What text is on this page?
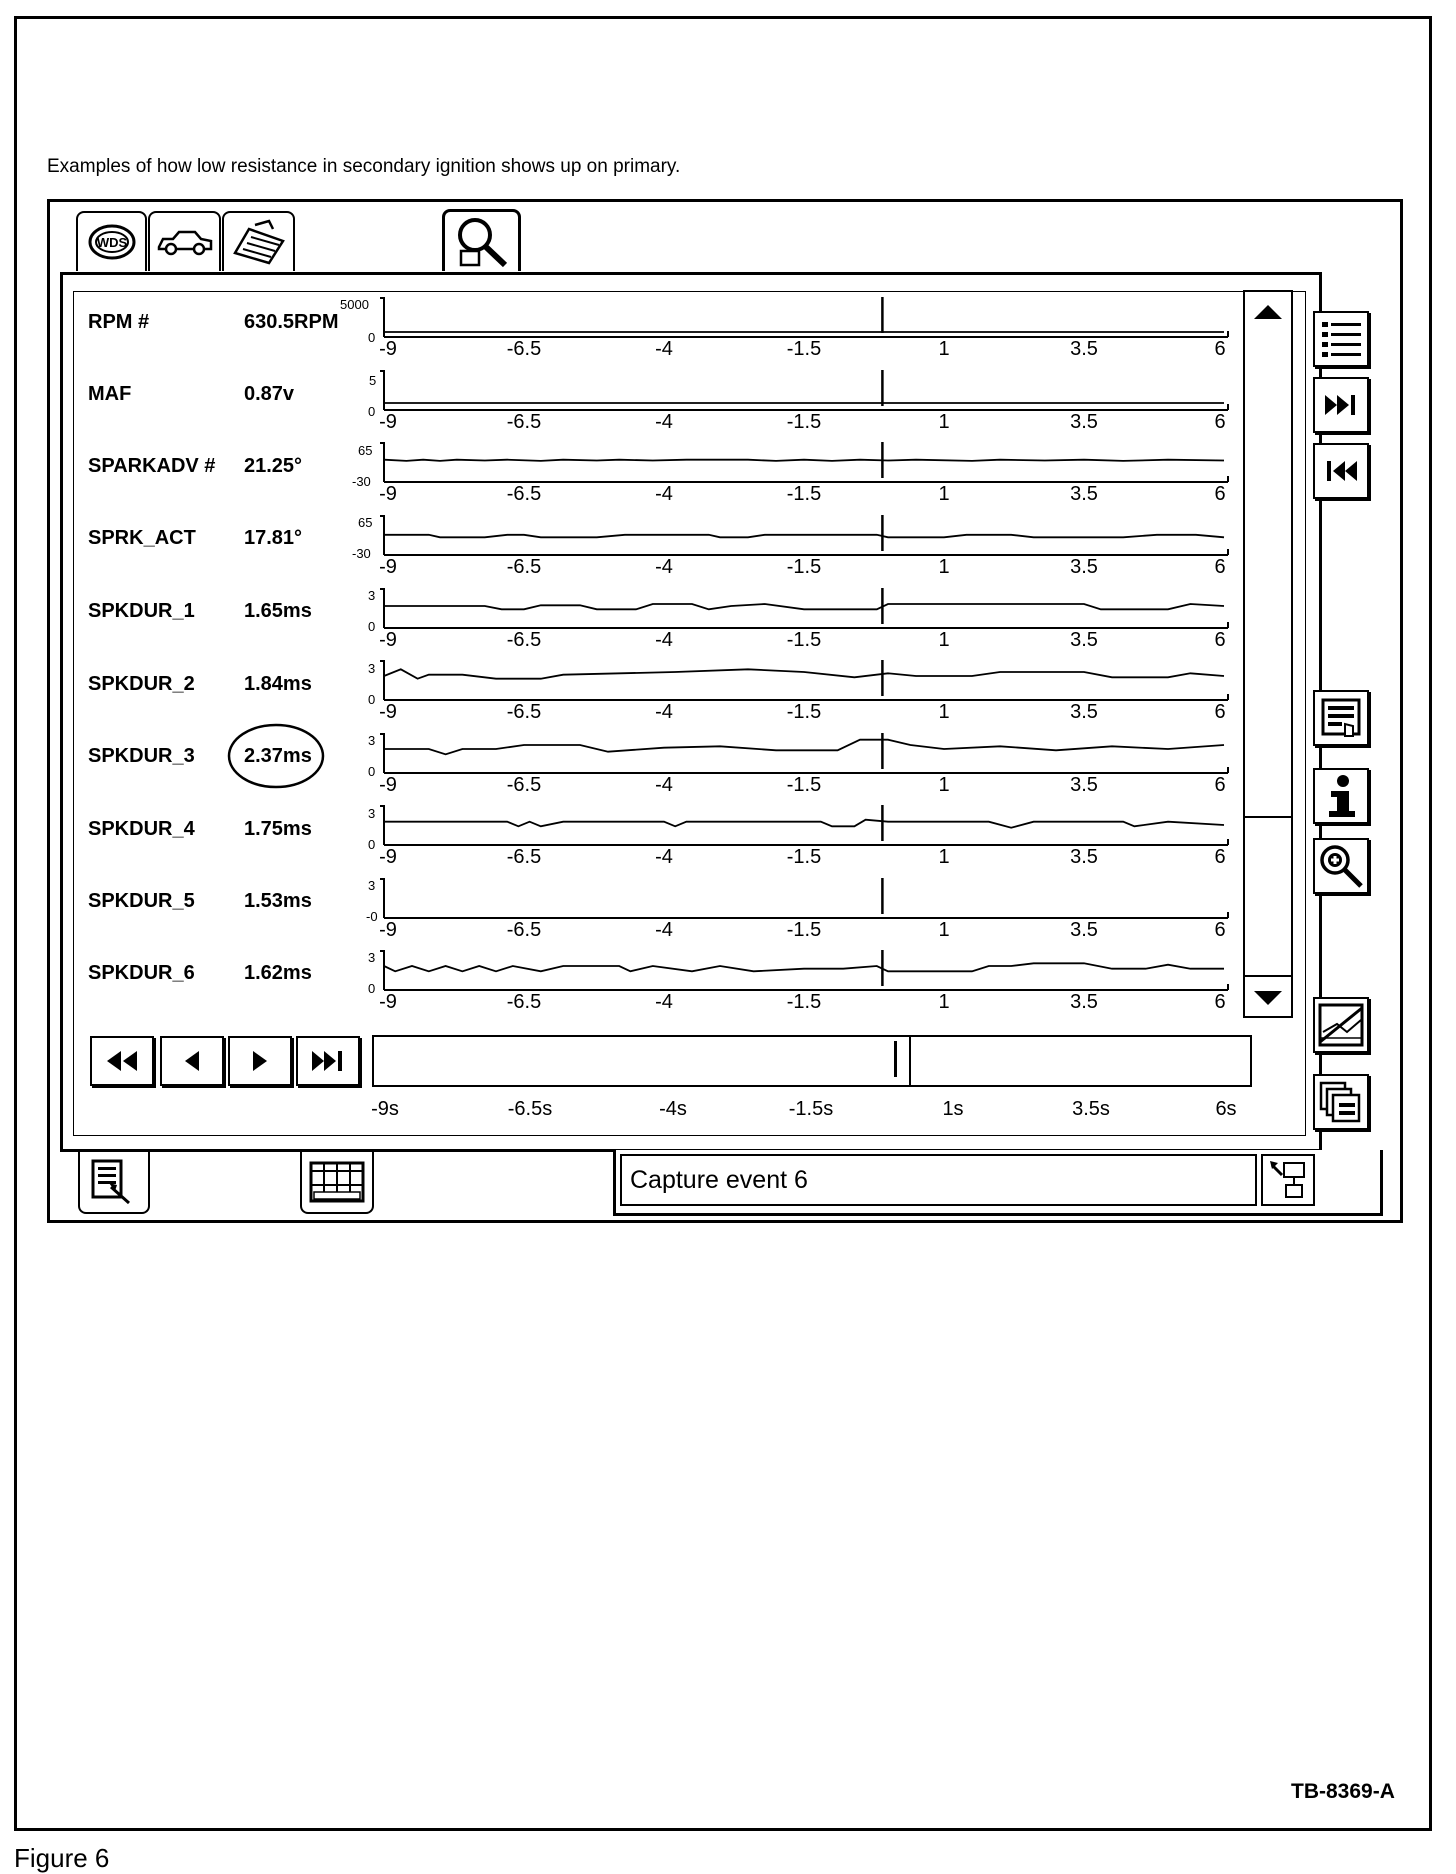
Examples of how low resistance in secondary ignition shows up on primary.
WDS
RPM #	630.5RPM
MAF	0.87v
SPARKADV # 21.25°
SPRK_ACT 17.81°
SPKDUR_1 1.65ms
SPKDUR_2 1.84ms
SPKDUR_3 2.37ms
SPKDUR_4 1.75ms
SPKDUR_5 1.53ms
SPKDUR_6 1.62ms
5000
0
5
0
65
-30
65
-30
3
0
3
0
3
0
3
0
3
-0
3
0
-9	-6.5	-4	-1.5	1	3.5	6
-9	-6.5	-4	-1.5	1	3.5	6
-9	-6.5	-4	-1.5	1	3.5	6
-9	-6.5	-4	-1.5	1	3.5	6
-9	-6.5	-4	-1.5	1	3.5	6
-9	-6.5	-4	-1.5	1	3.5	6
-9	-6.5	-4	-1.5	1	3.5	6
-9	-6.5	-4	-1.5	1	3.5	6
-9	-6.5	-4	-1.5	1	3.5	6
-9	-6.5	-4	-1.5	1	3.5	6
-9s	-6.5s	-4s	-1.5s	1s	3.5s	6s
Capture event 6
TB-8369-A
Figure 6
